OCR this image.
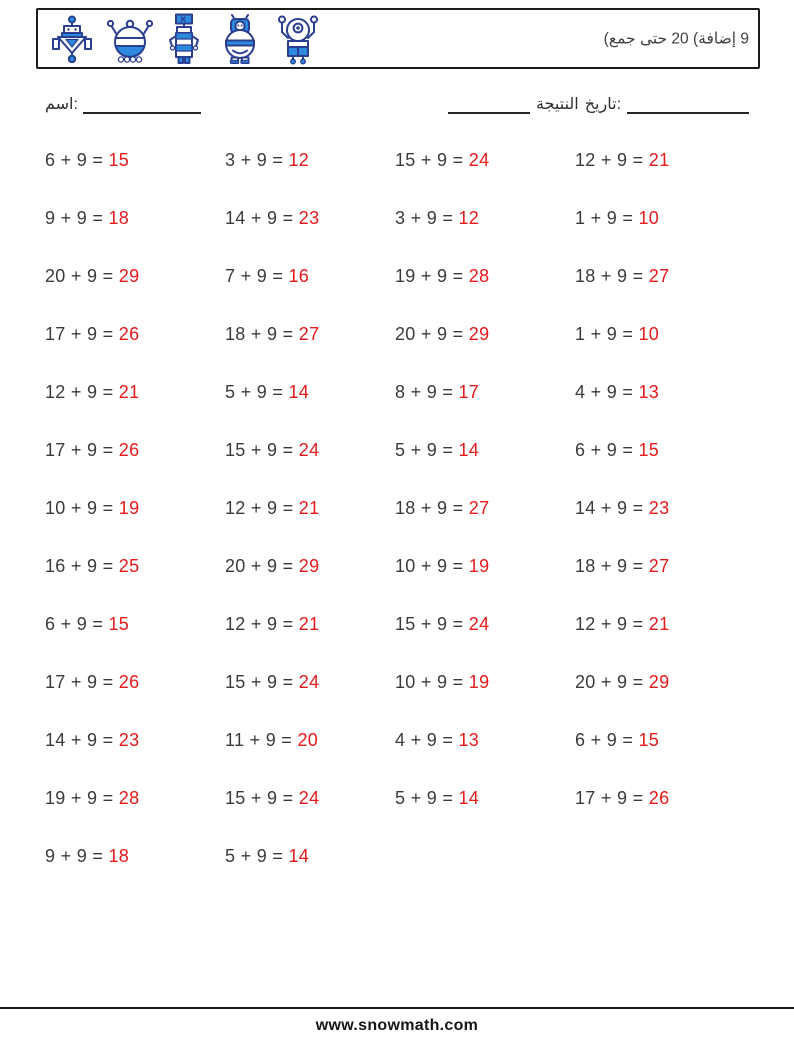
(⁧جمع⁩ ⁧حتى⁩ 20 (⁧إضافة⁩ 9
اسم:	النتيجة تاريخ:
6 + 9 = 15	3 + 9 = 12	15 + 9 = 24	12 + 9 = 21
9 + 9 = 18	14 + 9 = 23	3 + 9 = 12	1 + 9 = 10
20 + 9 = 29	7 + 9 = 16	19 + 9 = 28	18 + 9 = 27
17 + 9 = 26	18 + 9 = 27	20 + 9 = 29	1 + 9 = 10
12 + 9 = 21	5 + 9 = 14	8 + 9 = 17	4 + 9 = 13
17 + 9 = 26	15 + 9 = 24	5 + 9 = 14	6 + 9 = 15
10 + 9 = 19	12 + 9 = 21	18 + 9 = 27	14 + 9 = 23
16 + 9 = 25	20 + 9 = 29	10 + 9 = 19	18 + 9 = 27
6 + 9 = 15	12 + 9 = 21	15 + 9 = 24	12 + 9 = 21
17 + 9 = 26	15 + 9 = 24	10 + 9 = 19	20 + 9 = 29
14 + 9 = 23	11 + 9 = 20	4 + 9 = 13	6 + 9 = 15
19 + 9 = 28	15 + 9 = 24	5 + 9 = 14	17 + 9 = 26
9 + 9 = 18	5 + 9 = 14
www.snowmath.com
